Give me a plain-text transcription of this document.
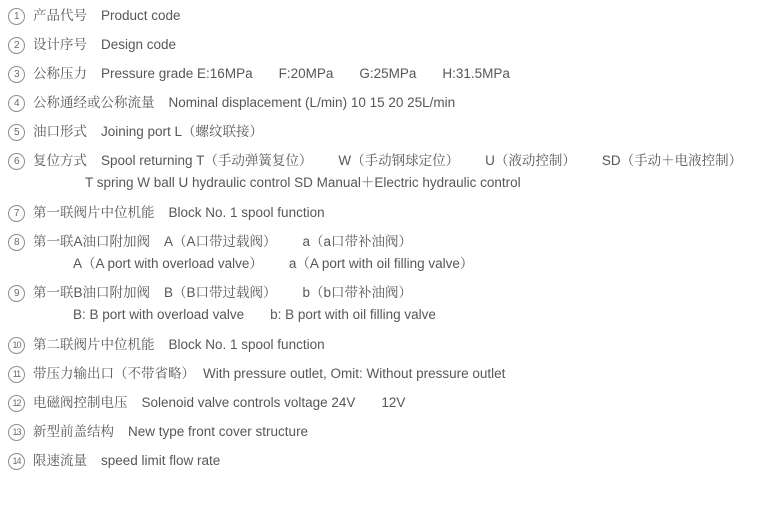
1	产品代号 Product code
2	设计序号 Design code
3	公称压力 Pressure grade E:16MPa F:20MPa G:25MPa H:31.5MPa
4	公称通经或公称流量 Nominal displacement (L/min) 10 15 20 25L/min
5	油口形式 Joining port L（螺纹联接）
6	复位方式 Spool returning T（手动弹簧复位） W（手动钢球定位） U（液动控制） SD（手动＋电液控制）
T spring W ball U hydraulic control SD Manual＋Electric hydraulic control
7	第一联阀片中位机能 Block No. 1 spool function
8	第一联A油口附加阀 A（A口带过载阀） a（a口带补油阀）
A（A port with overload valve） a（A port with oil filling valve）
9	第一联B油口附加阀 B（B口带过载阀） b（b口带补油阀）
B: B port with overload valve b: B port with oil filling valve
10 第二联阀片中位机能 Block No. 1 spool function
11 带压力输出口（不带省略） With pressure outlet, Omit: Without pressure outlet
12 电磁阀控制电压 Solenoid valve controls voltage 24V 12V
13 新型前盖结构 New type front cover structure
14 限速流量 speed limit flow rate
